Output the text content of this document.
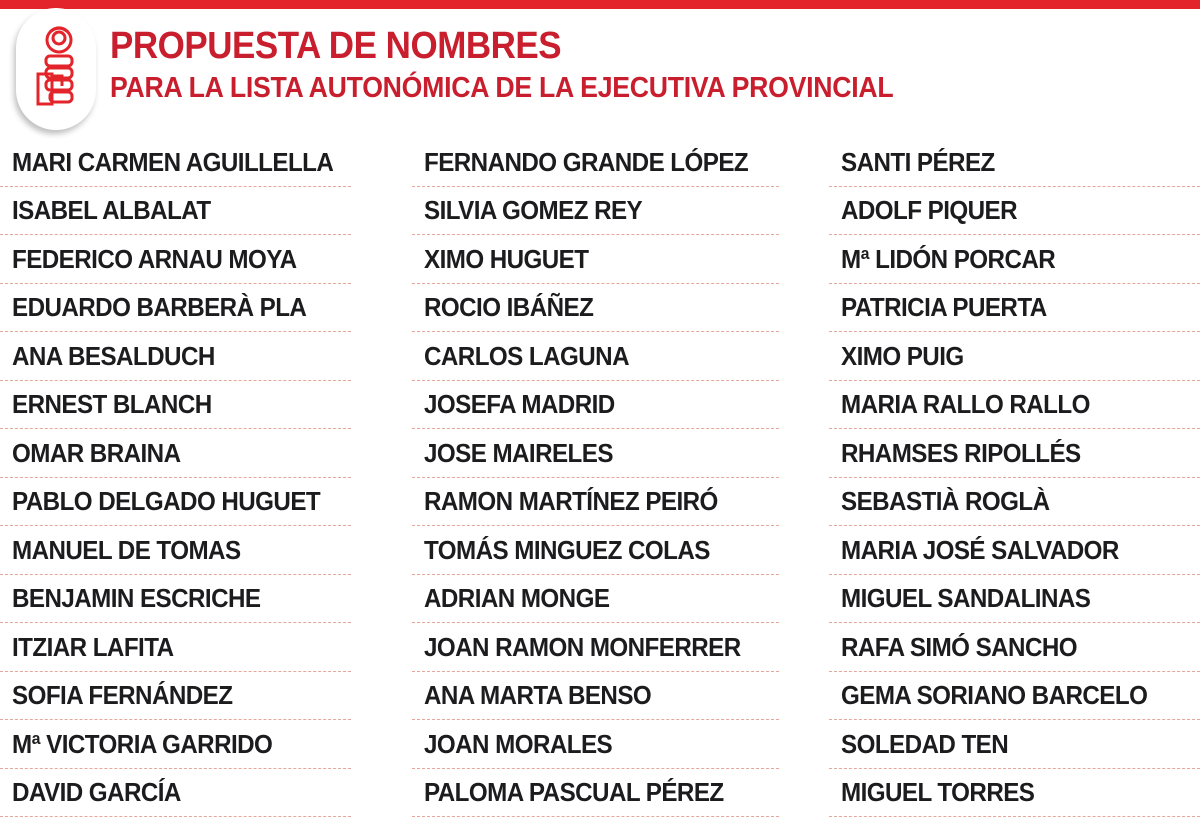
PROPUESTA DE NOMBRES
PARA LA LISTA AUTONÓMICA DE LA EJECUTIVA PROVINCIAL
MARI CARMEN AGUILLELLA
ISABEL ALBALAT
FEDERICO ARNAU MOYA
EDUARDO BARBERÀ PLA
ANA BESALDUCH
ERNEST BLANCH
OMAR BRAINA
PABLO DELGADO HUGUET
MANUEL DE TOMAS
BENJAMIN ESCRICHE
ITZIAR LAFITA
SOFIA FERNÁNDEZ
Mª VICTORIA GARRIDO
DAVID GARCÍA
FERNANDO GRANDE LÓPEZ
SILVIA GOMEZ REY
XIMO HUGUET
ROCIO IBÁÑEZ
CARLOS LAGUNA
JOSEFA MADRID
JOSE MAIRELES
RAMON MARTÍNEZ PEIRÓ
TOMÁS MINGUEZ COLAS
ADRIAN MONGE
JOAN RAMON MONFERRER
ANA MARTA BENSO
JOAN MORALES
PALOMA PASCUAL PÉREZ
SANTI PÉREZ
ADOLF PIQUER
Mª LIDÓN PORCAR
PATRICIA PUERTA
XIMO PUIG
MARIA RALLO RALLO
RHAMSES RIPOLLÉS
SEBASTIÀ ROGLÀ
MARIA JOSÉ SALVADOR
MIGUEL SANDALINAS
RAFA SIMÓ SANCHO
GEMA SORIANO BARCELO
SOLEDAD TEN
MIGUEL TORRES
